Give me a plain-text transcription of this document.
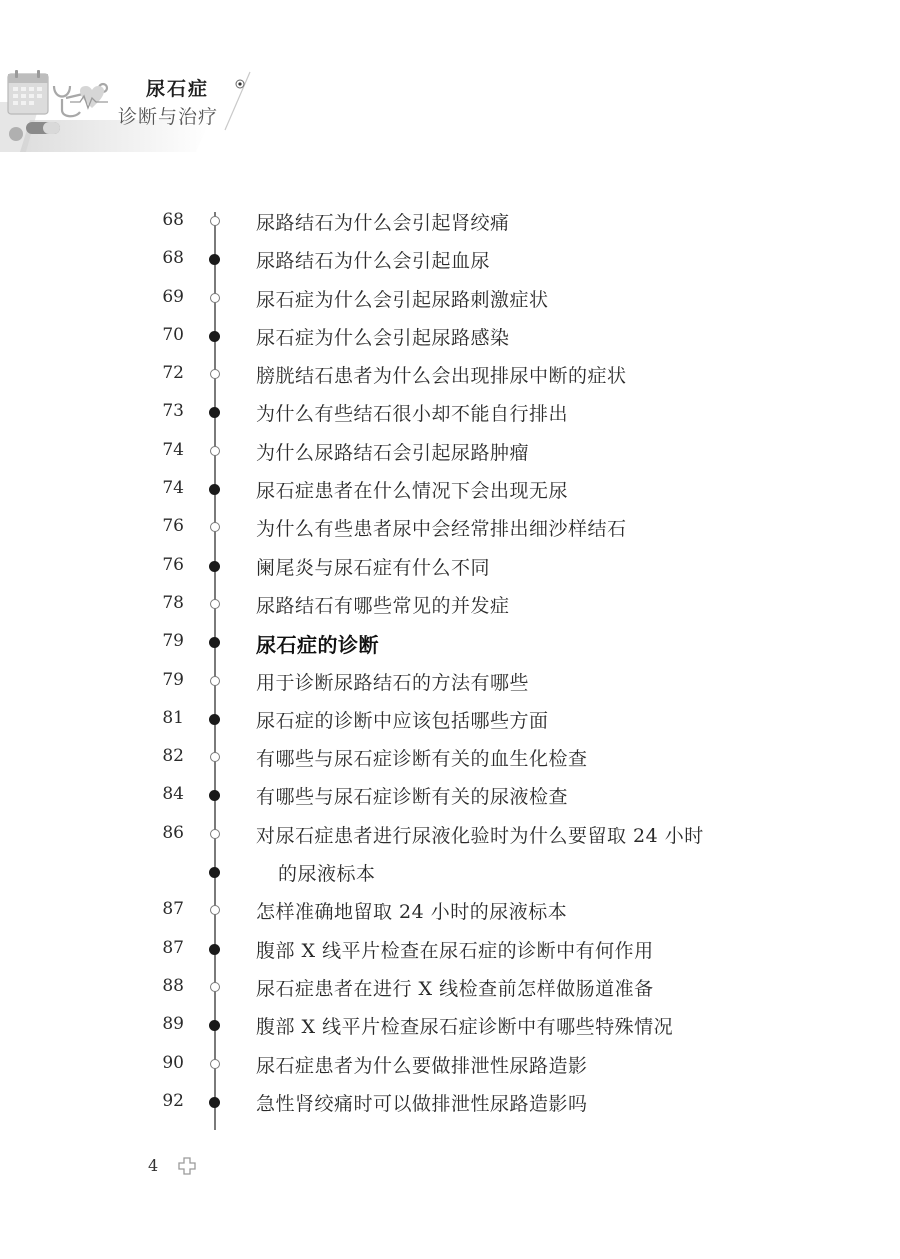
尿石症
诊断与治疗
68	尿路结石为什么会引起肾绞痛
68	尿路结石为什么会引起血尿
69	尿石症为什么会引起尿路刺激症状
70	尿石症为什么会引起尿路感染
72	膀胱结石患者为什么会出现排尿中断的症状
73	为什么有些结石很小却不能自行排出
74	为什么尿路结石会引起尿路肿瘤
74	尿石症患者在什么情况下会出现无尿
76	为什么有些患者尿中会经常排出细沙样结石
76	阑尾炎与尿石症有什么不同
78	尿路结石有哪些常见的并发症
79	尿石症的诊断
79	用于诊断尿路结石的方法有哪些
81	尿石症的诊断中应该包括哪些方面
82	有哪些与尿石症诊断有关的血生化检查
84	有哪些与尿石症诊断有关的尿液检查
86	对尿石症患者进行尿液化验时为什么要留取 24 小时
的尿液标本
87	怎样准确地留取 24 小时的尿液标本
87	腹部 X 线平片检查在尿石症的诊断中有何作用
88	尿石症患者在进行 X 线检查前怎样做肠道准备
89	腹部 X 线平片检查尿石症诊断中有哪些特殊情况
90	尿石症患者为什么要做排泄性尿路造影
92	急性肾绞痛时可以做排泄性尿路造影吗
4
